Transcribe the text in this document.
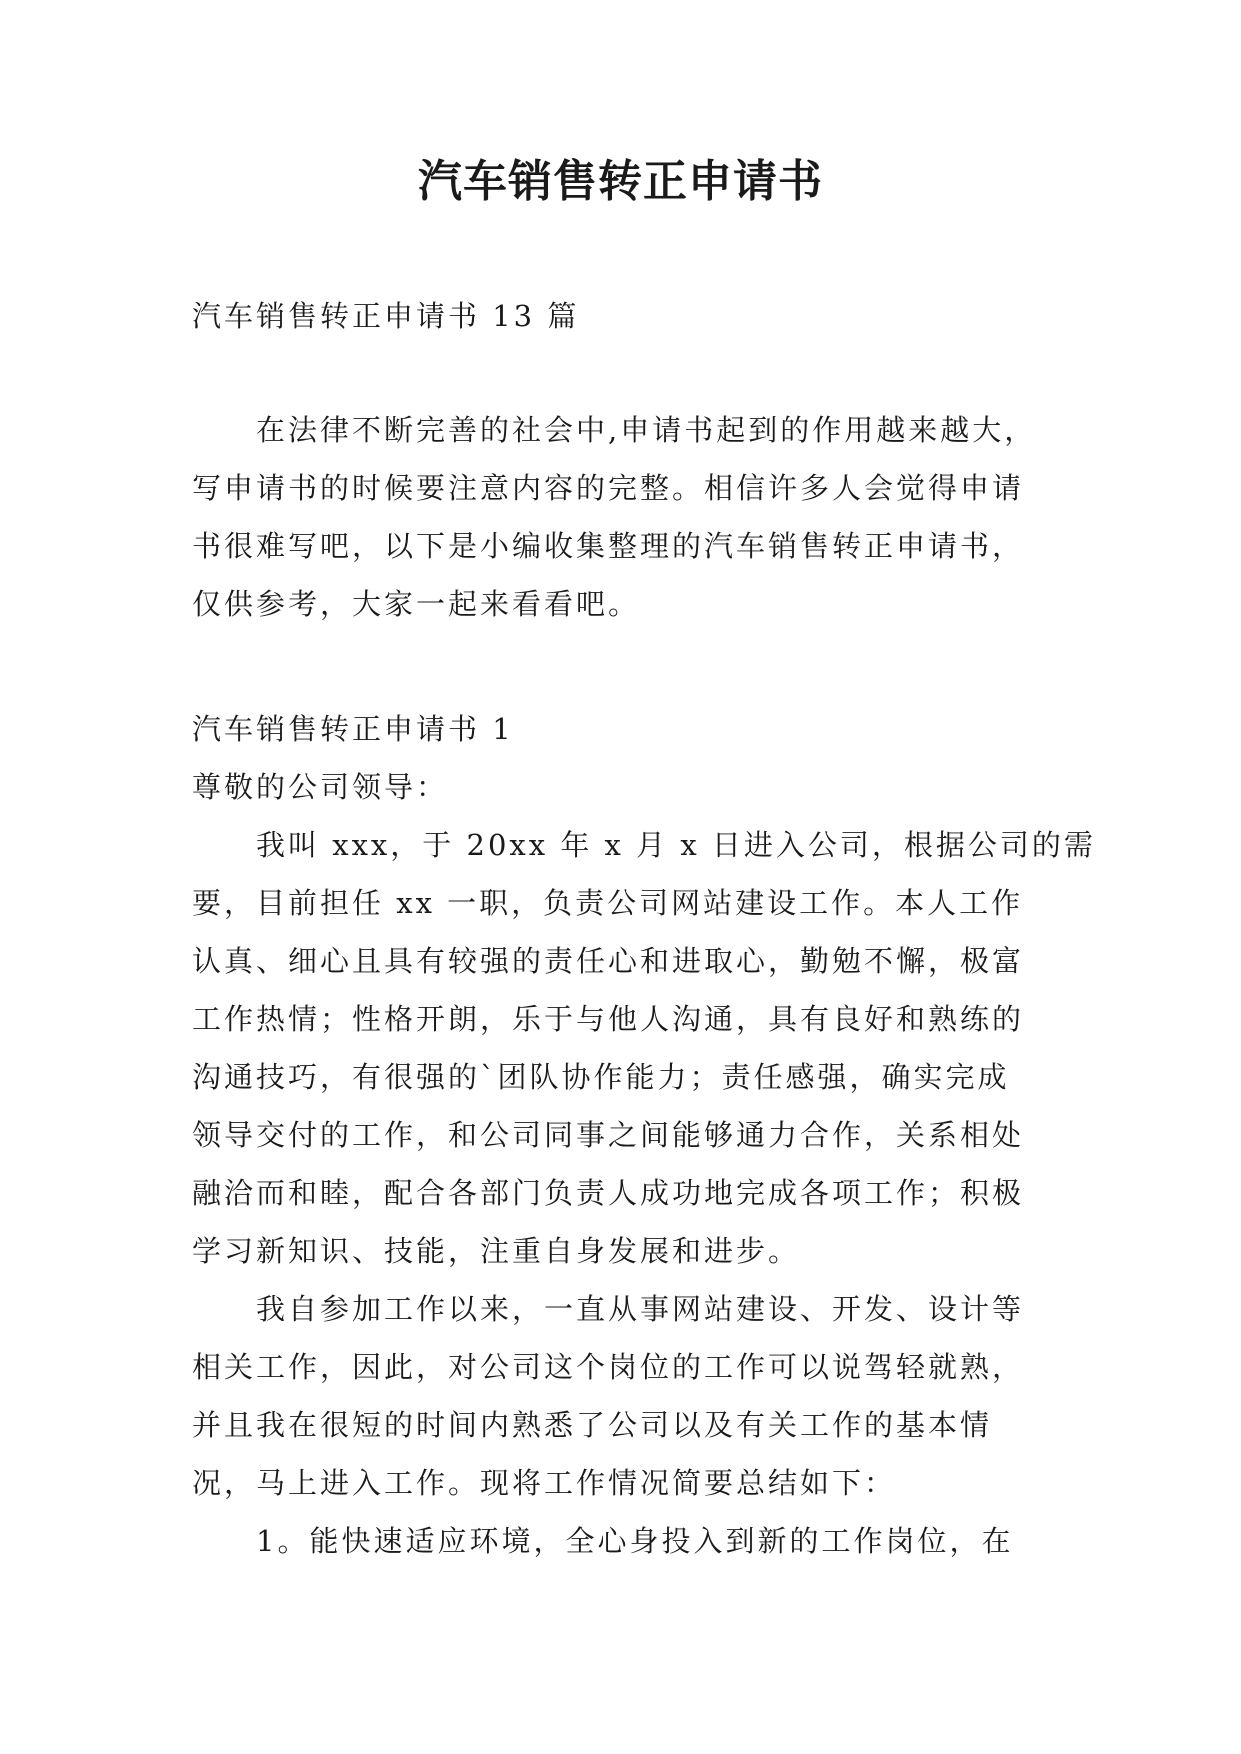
汽车销售转正申请书
汽车销售转正申请书 13 篇
在法律不断完善的社会中,申请书起到的作用越来越大，
写申请书的时候要注意内容的完整。相信许多人会觉得申请
书很难写吧，以下是小编收集整理的汽车销售转正申请书，
仅供参考，大家一起来看看吧。
汽车销售转正申请书 1
尊敬的公司领导：
我叫 xxx，于 20xx 年 x 月 x 日进入公司，根据公司的需
要，目前担任 xx 一职，负责公司网站建设工作。本人工作
认真、细心且具有较强的责任心和进取心，勤勉不懈，极富
工作热情；性格开朗，乐于与他人沟通，具有良好和熟练的
沟通技巧，有很强的`团队协作能力；责任感强，确实完成
领导交付的工作，和公司同事之间能够通力合作，关系相处
融洽而和睦，配合各部门负责人成功地完成各项工作；积极
学习新知识、技能，注重自身发展和进步。
我自参加工作以来，一直从事网站建设、开发、设计等
相关工作，因此，对公司这个岗位的工作可以说驾轻就熟，
并且我在很短的时间内熟悉了公司以及有关工作的基本情
况，马上进入工作。现将工作情况简要总结如下：
1。能快速适应环境，全心身投入到新的工作岗位，在
